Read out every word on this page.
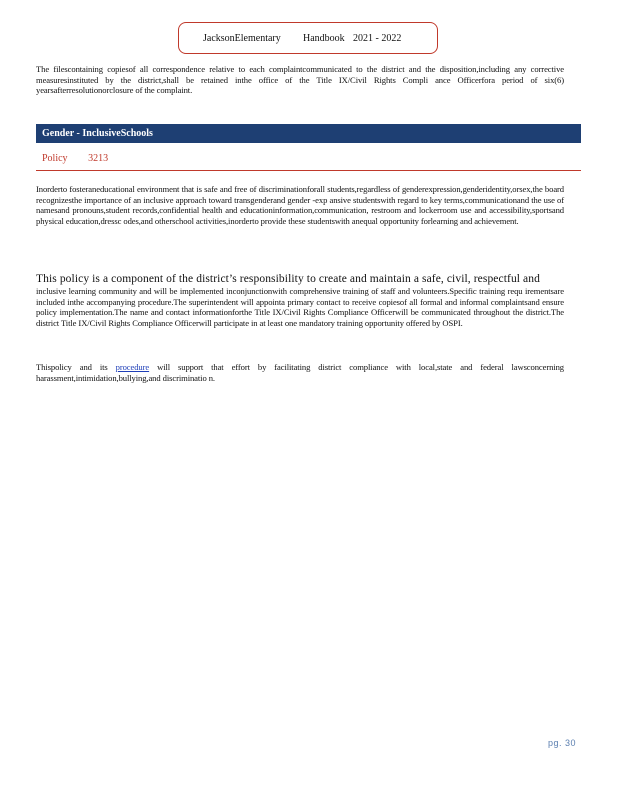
JacksonElementary	Handbook 2021 - 2022
The filescontaining copiesof all correspondence relative to each complaintcommunicated to the district and the disposition,including any corrective measuresinstituted by the district,shall be retained inthe office of the Title IX/Civil Rights Compli ance Officerfora period of six(6) yearsafterresolutionorclosure of the complaint.
Gender - InclusiveSchools
Policy 3213
Inorderto fosteraneducational environment that is safe and free of discriminationforall students,regardless of genderexpression,genderidentity,orsex,the board recognizesthe importance of an inclusive approach toward transgenderand gender -exp ansive studentswith regard to key terms,communicationand the use of namesand pronouns,student records,confidential health and educationinformation,communication, restroom and lockerroom use and accessibility,sportsand physical education,dressc odes,and otherschool activities,inorderto provide these studentswith anequal opportunity forlearning and achievement.
This policy is a component of the district’s responsibility to create and maintain a safe, civil, respectful and
inclusive learning community and will be implemented inconjunctionwith comprehensive training of staff and volunteers.Specific training requ irementsare included inthe accompanying procedure.The superintendent will appointa primary contact to receive copiesof all formal and informal complaintsand ensure policy implementation.The name and contact informationforthe Title IX/Civil Rights Compliance Officerwill be communicated throughout the district.The district Title IX/Civil Rights Compliance Officerwill participate in at least one mandatory training opportunity offered by OSPI.
Thispolicy and its procedure will support that effort by facilitating district compliance with local,state and federal lawsconcerning harassment,intimidation,bullying,and discriminatio n.
pg. 30
